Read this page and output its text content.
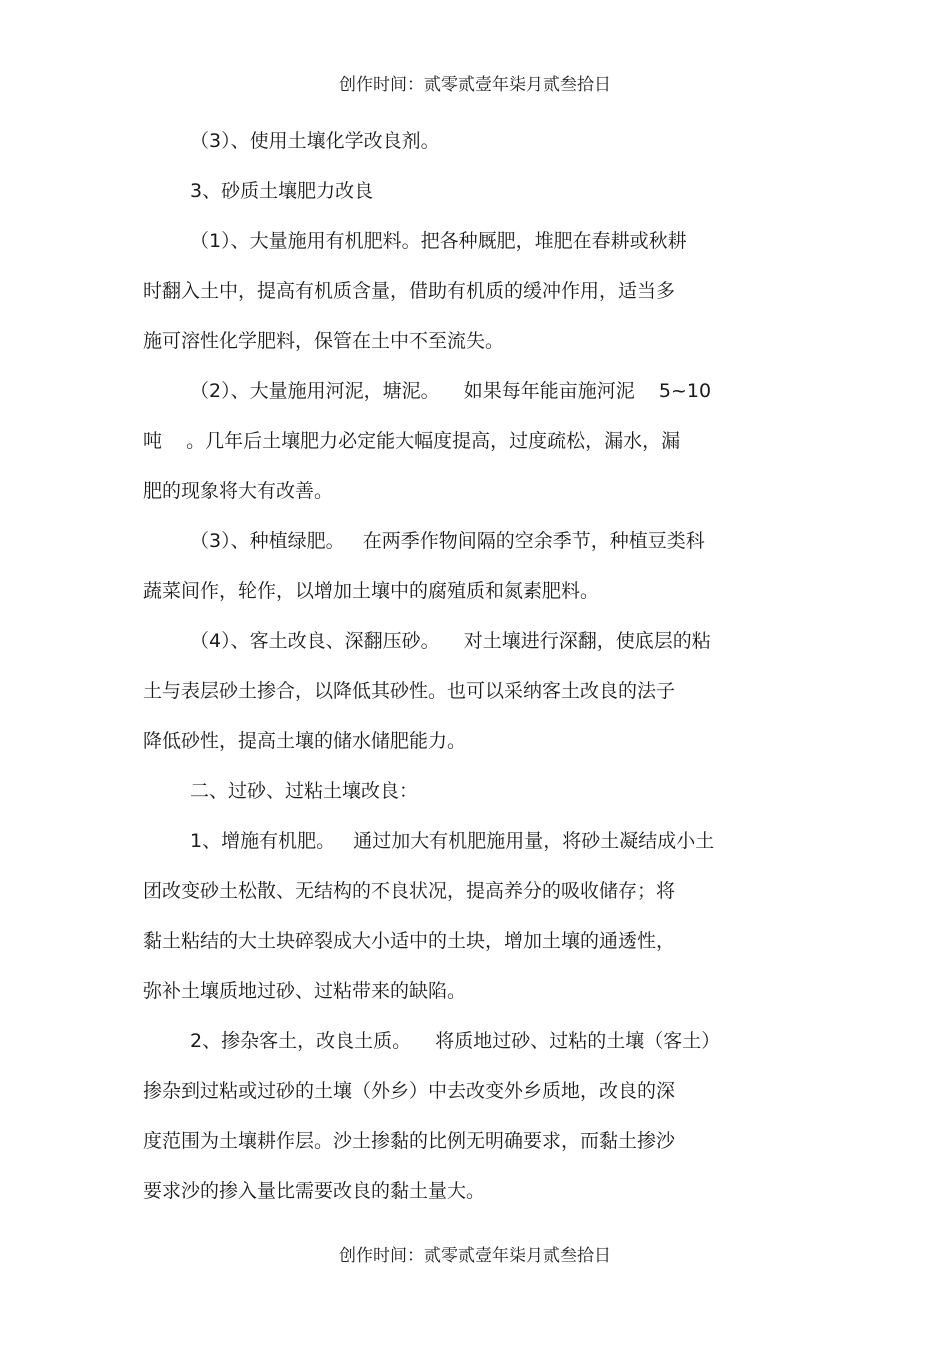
创作时间：贰零贰壹年柒月贰叁拾日
（3）、使用土壤化学改良剂。
3、砂质土壤肥力改良
（1）、大量施用有机肥料。把各种厩肥，堆肥在春耕或秋耕
时翻入土中，提高有机质含量，借助有机质的缓冲作用，适当多
施可溶性化学肥料，保管在土中不至流失。
（2）、大量施用河泥，塘泥。    如果每年能亩施河泥    5~10
吨    。几年后土壤肥力必定能大幅度提高，过度疏松，漏水，漏
肥的现象将大有改善。
（3）、种植绿肥。   在两季作物间隔的空余季节，种植豆类科
蔬菜间作，轮作，以增加土壤中的腐殖质和氮素肥料。
（4）、客土改良、深翻压砂。    对土壤进行深翻，使底层的粘
土与表层砂土掺合，以降低其砂性。也可以采纳客土改良的法子
降低砂性，提高土壤的储水储肥能力。
二、过砂、过粘土壤改良：
1、增施有机肥。   通过加大有机肥施用量，将砂土凝结成小土
团改变砂土松散、无结构的不良状况，提高养分的吸收储存；将
黏土粘结的大土块碎裂成大小适中的土块，增加土壤的通透性，
弥补土壤质地过砂、过粘带来的缺陷。
2、掺杂客土，改良土质。    将质地过砂、过粘的土壤（客土）
掺杂到过粘或过砂的土壤（外乡）中去改变外乡质地，改良的深
度范围为土壤耕作层。沙土掺黏的比例无明确要求，而黏土掺沙
要求沙的掺入量比需要改良的黏土量大。
创作时间：贰零贰壹年柒月贰叁拾日
